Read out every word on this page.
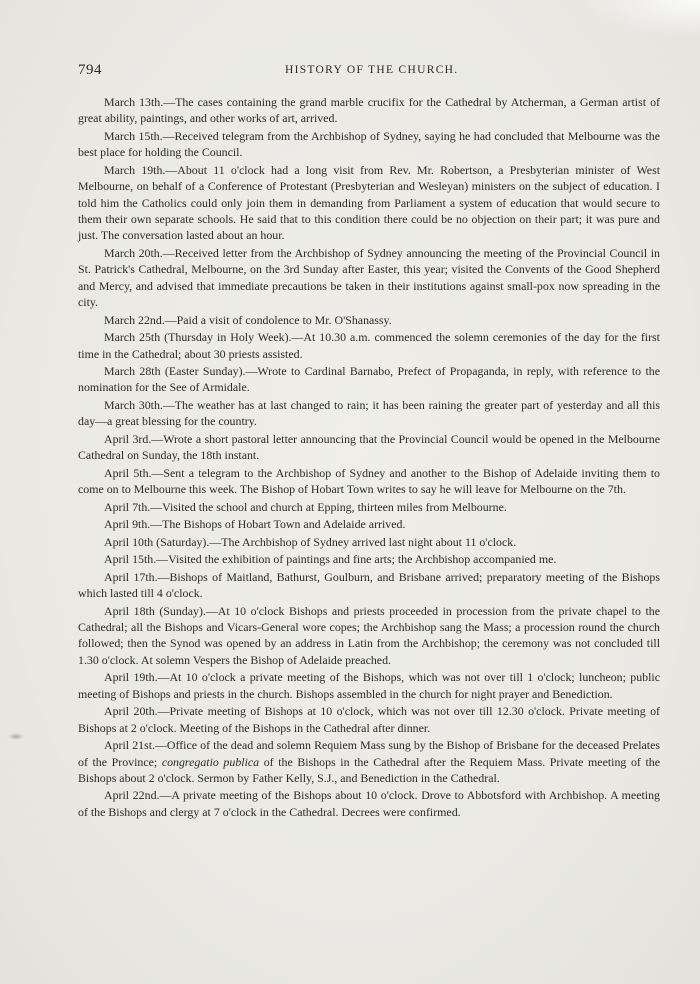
794	HISTORY OF THE CHURCH.

March 13th.—The cases containing the grand marble crucifix for the Cathedral by Atcherman, a German artist of great ability, paintings, and other works of art, arrived.

March 15th.—Received telegram from the Archbishop of Sydney, saying he had concluded that Melbourne was the best place for holding the Council.

March 19th.—About 11 o'clock had a long visit from Rev. Mr. Robertson, a Presbyterian minister of West Melbourne, on behalf of a Conference of Protestant (Presbyterian and Wesleyan) ministers on the subject of education. I told him the Catholics could only join them in demanding from Parliament a system of education that would secure to them their own separate schools. He said that to this condition there could be no objection on their part; it was pure and just. The conversation lasted about an hour.

March 20th.—Received letter from the Archbishop of Sydney announcing the meeting of the Provincial Council in St. Patrick's Cathedral, Melbourne, on the 3rd Sunday after Easter, this year; visited the Convents of the Good Shepherd and Mercy, and advised that immediate precautions be taken in their institutions against small-pox now spreading in the city.

March 22nd.—Paid a visit of condolence to Mr. O'Shanassy.

March 25th (Thursday in Holy Week).—At 10.30 a.m. commenced the solemn ceremonies of the day for the first time in the Cathedral; about 30 priests assisted.

March 28th (Easter Sunday).—Wrote to Cardinal Barnabo, Prefect of Propaganda, in reply, with reference to the nomination for the See of Armidale.

March 30th.—The weather has at last changed to rain; it has been raining the greater part of yesterday and all this day—a great blessing for the country.

April 3rd.—Wrote a short pastoral letter announcing that the Provincial Council would be opened in the Melbourne Cathedral on Sunday, the 18th instant.

April 5th.—Sent a telegram to the Archbishop of Sydney and another to the Bishop of Adelaide inviting them to come on to Melbourne this week. The Bishop of Hobart Town writes to say he will leave for Melbourne on the 7th.

April 7th.—Visited the school and church at Epping, thirteen miles from Melbourne.

April 9th.—The Bishops of Hobart Town and Adelaide arrived.

April 10th (Saturday).—The Archbishop of Sydney arrived last night about 11 o'clock.

April 15th.—Visited the exhibition of paintings and fine arts; the Archbishop accompanied me.

April 17th.—Bishops of Maitland, Bathurst, Goulburn, and Brisbane arrived; preparatory meeting of the Bishops which lasted till 4 o'clock.

April 18th (Sunday).—At 10 o'clock Bishops and priests proceeded in procession from the private chapel to the Cathedral; all the Bishops and Vicars-General wore copes; the Archbishop sang the Mass; a procession round the church followed; then the Synod was opened by an address in Latin from the Archbishop; the ceremony was not concluded till 1.30 o'clock. At solemn Vespers the Bishop of Adelaide preached.

April 19th.—At 10 o'clock a private meeting of the Bishops, which was not over till 1 o'clock; luncheon; public meeting of Bishops and priests in the church. Bishops assembled in the church for night prayer and Benediction.

April 20th.—Private meeting of Bishops at 10 o'clock, which was not over till 12.30 o'clock. Private meeting of Bishops at 2 o'clock. Meeting of the Bishops in the Cathedral after dinner.

April 21st.—Office of the dead and solemn Requiem Mass sung by the Bishop of Brisbane for the deceased Prelates of the Province; congregatio publica of the Bishops in the Cathedral after the Requiem Mass. Private meeting of the Bishops about 2 o'clock. Sermon by Father Kelly, S.J., and Benediction in the Cathedral.

April 22nd.—A private meeting of the Bishops about 10 o'clock. Drove to Abbotsford with Archbishop. A meeting of the Bishops and clergy at 7 o'clock in the Cathedral. Decrees were confirmed.
